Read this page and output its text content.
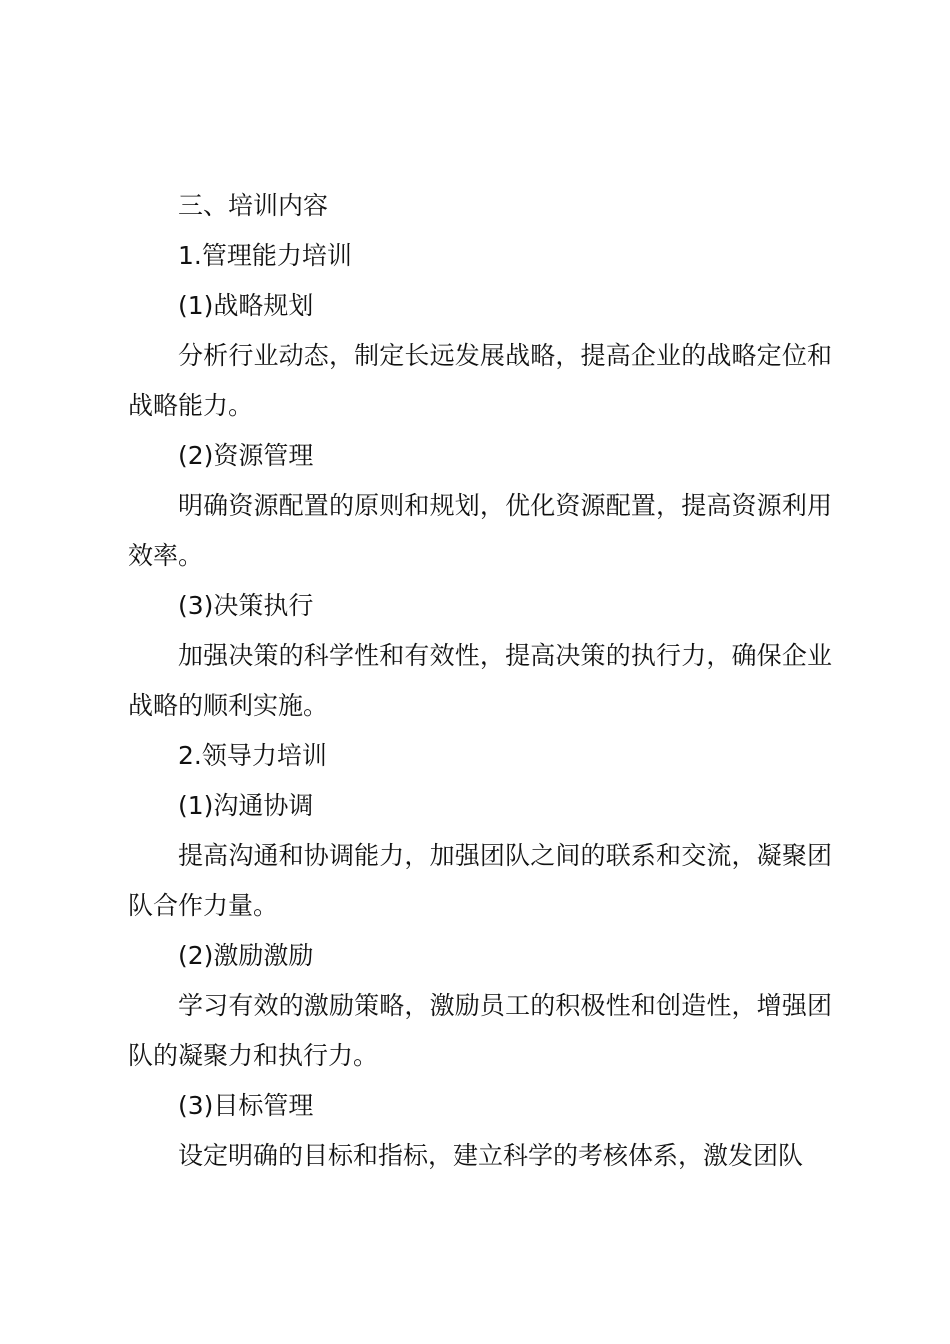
三、培训内容

1.管理能力培训

(1)战略规划

分析行业动态，制定长远发展战略，提高企业的战略定位和战略能力。

(2)资源管理

明确资源配置的原则和规划，优化资源配置，提高资源利用效率。

(3)决策执行

加强决策的科学性和有效性，提高决策的执行力，确保企业战略的顺利实施。

2.领导力培训

(1)沟通协调

提高沟通和协调能力，加强团队之间的联系和交流，凝聚团队合作力量。

(2)激励激励

学习有效的激励策略，激励员工的积极性和创造性，增强团队的凝聚力和执行力。

(3)目标管理

设定明确的目标和指标，建立科学的考核体系，激发团队
